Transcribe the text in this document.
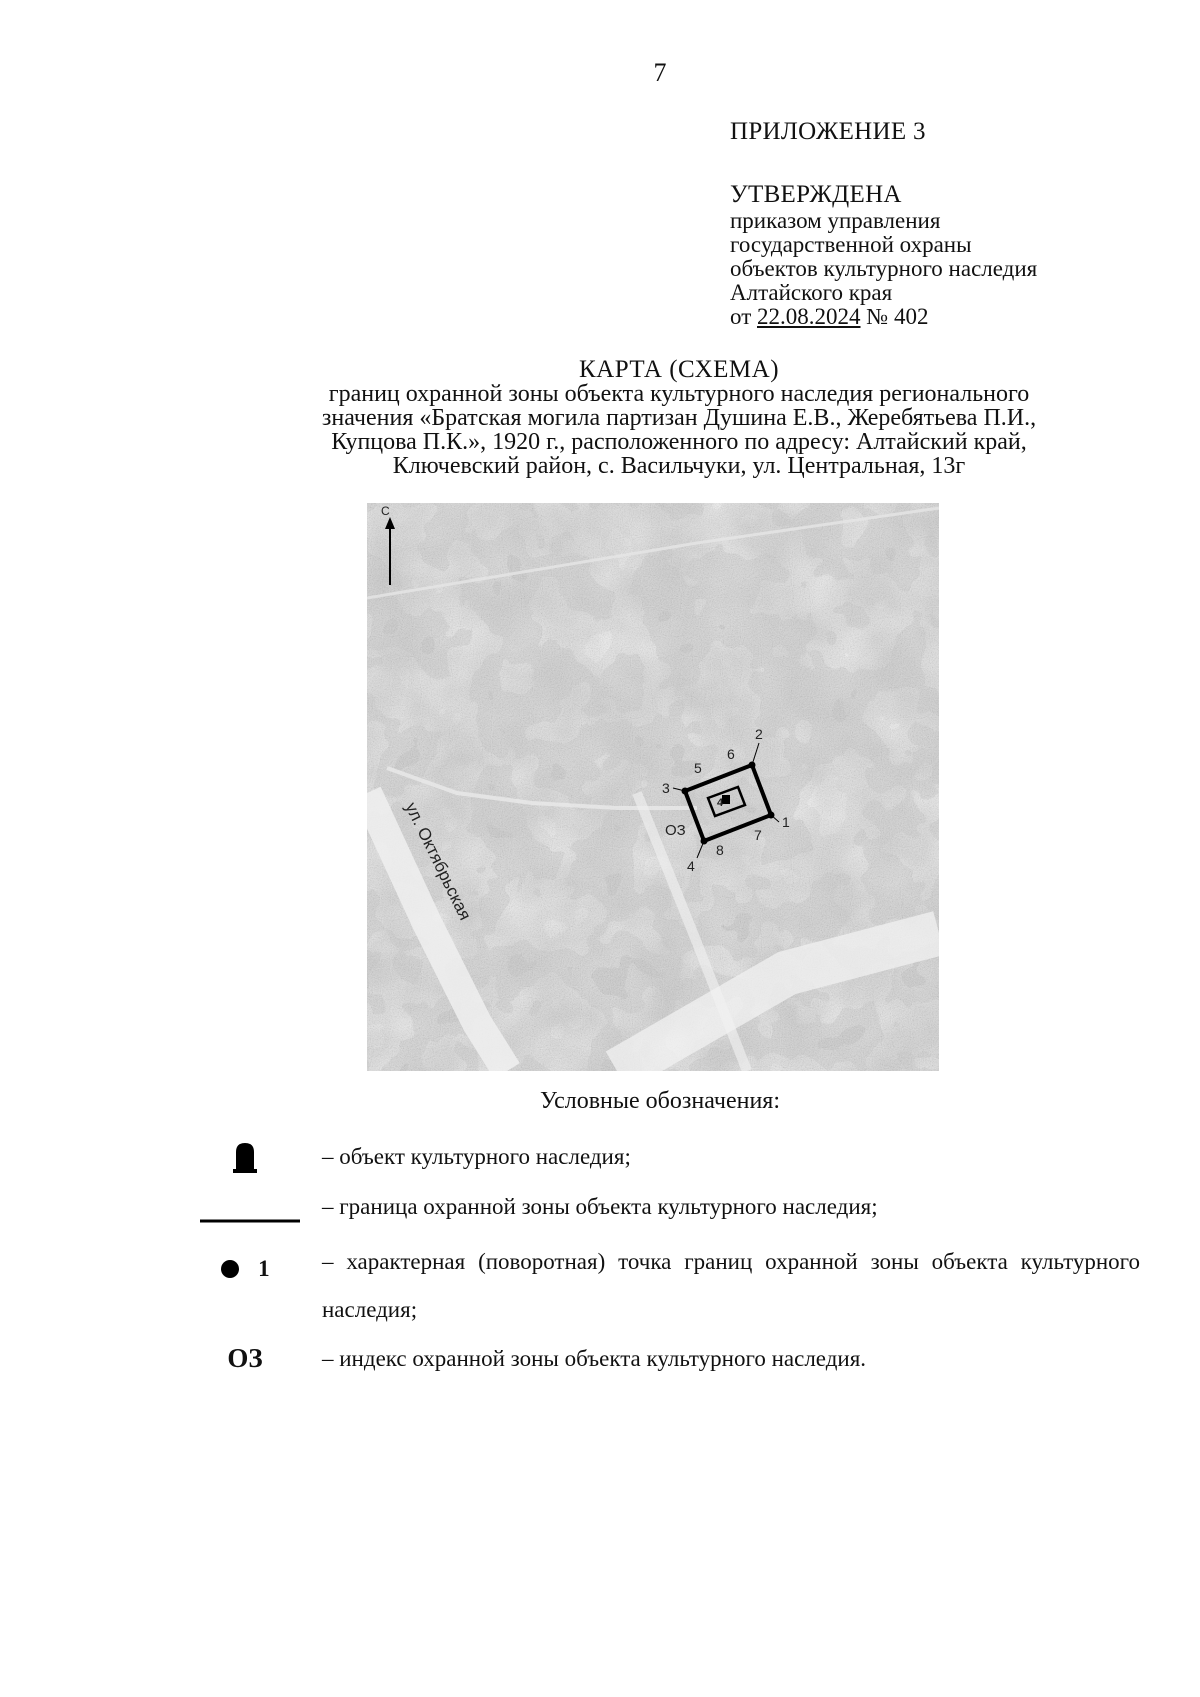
7
ПРИЛОЖЕНИЕ 3
УТВЕРЖДЕНА
приказом управления
государственной охраны
объектов культурного наследия
Алтайского края
от 22.08.2024 № 402
КАРТА (СХЕМА)
границ охранной зоны объекта культурного наследия регионального
значения «Братская могила партизан Душина Е.В., Жеребятьева П.И.,
Купцова П.К.», 1920 г., расположенного по адресу: Алтайский край,
Ключевский район, с. Васильчуки, ул. Центральная, 13г
С
ул. Октябрьская	1
2
3
4
5
6
7
8
4
ОЗ
Условные обозначения:
– объект культурного наследия;
– граница охранной зоны объекта культурного наследия;
1	– характерная (поворотная) точка границ охранной зоны объекта культурного наследия;
ОЗ	– индекс охранной зоны объекта культурного наследия.
